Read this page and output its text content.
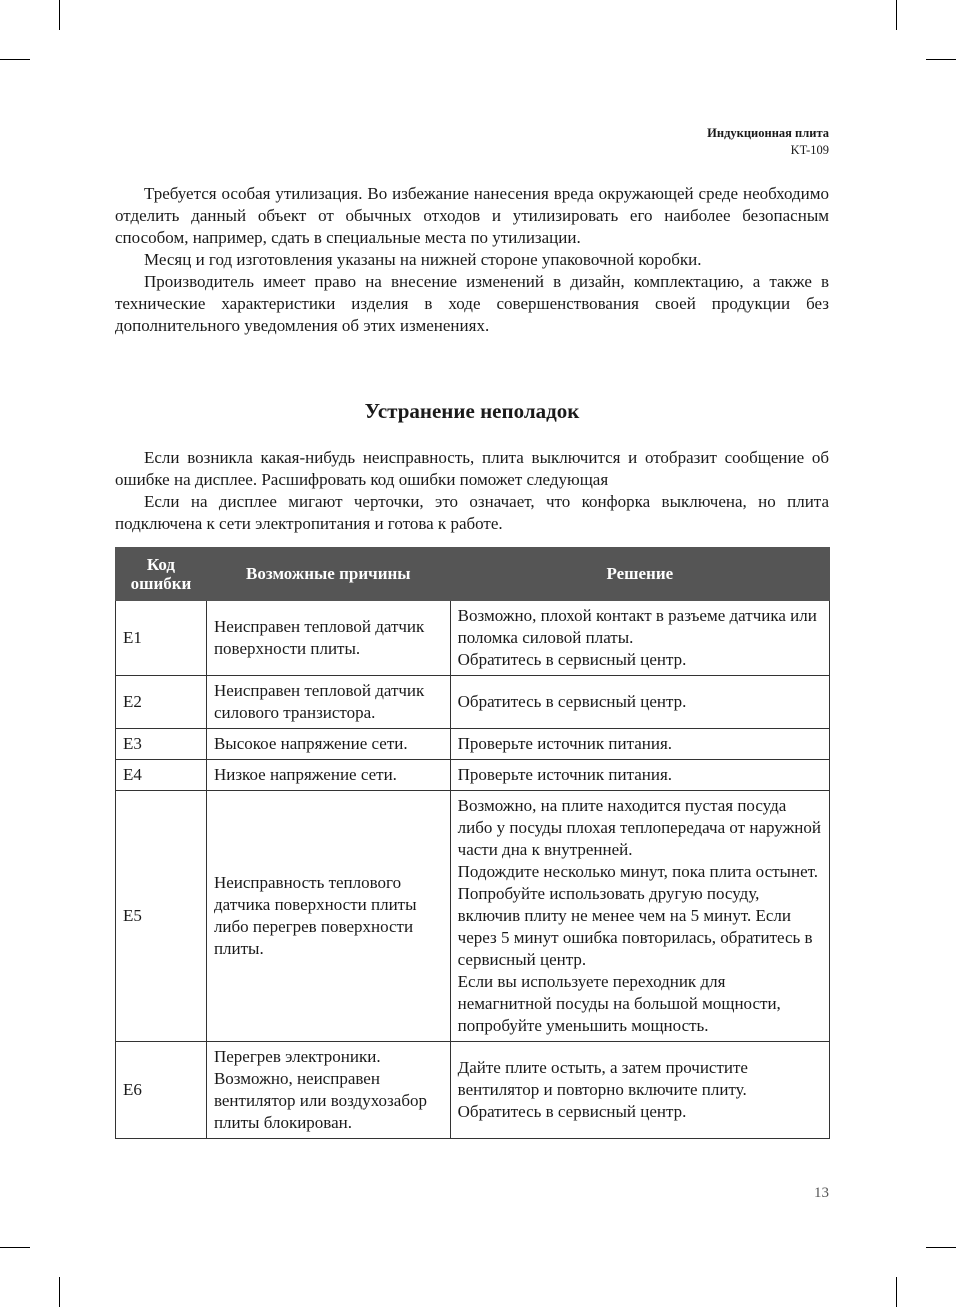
Индукционная плита
KT-109

Требуется особая утилизация. Во избежание нанесения вреда окружающей среде необходимо отделить данный объект от обычных отходов и утилизировать его наиболее безопасным способом, например, сдать в специальные места по утилизации.

Месяц и год изготовления указаны на нижней стороне упаковочной коробки.

Производитель имеет право на внесение изменений в дизайн, комплектацию, а также в технические характеристики изделия в ходе совершенствования своей продукции без дополнительного уведомления об этих изменениях.

Устранение неполадок

Если возникла какая-нибудь неисправность, плита выключится и отобразит сообщение об ошибке на дисплее. Расшифровать код ошибки поможет следующая

Если на дисплее мигают черточки, это означает, что конфорка выключена, но плита подключена к сети электропитания и готова к работе.

Код ошибки	Возможные причины	Решение
E1	Неисправен тепловой датчик поверхности плиты.	Возможно, плохой контакт в разъеме датчика или поломка силовой платы.
Обратитесь в сервисный центр.

E2	Неисправен тепловой датчик силового транзистора.	Обратитесь в сервисный центр.

E3	Высокое напряжение сети.	Проверьте источник питания.

E4	Низкое напряжение сети.	Проверьте источник питания.

E5	Неисправность теплового датчика поверхности плиты либо перегрев поверхности плиты.	Возможно, на плите находится пустая посуда либо у посуды плохая теплопередача от наружной части дна к внутренней.
Подождите несколько минут, пока плита остынет. Попробуйте использовать другую посуду, включив плиту не менее чем на 5 минут. Если через 5 минут ошибка повторилась, обратитесь в сервисный центр.
Если вы используете переходник для немагнитной посуды на большой мощности, попробуйте уменьшить мощность.

E6	Перегрев электроники. Возможно, неисправен вентилятор или воздухозабор плиты блокирован.	Дайте плите остыть, а затем прочистите вентилятор и повторно включите плиту.
Обратитесь в сервисный центр.
13
